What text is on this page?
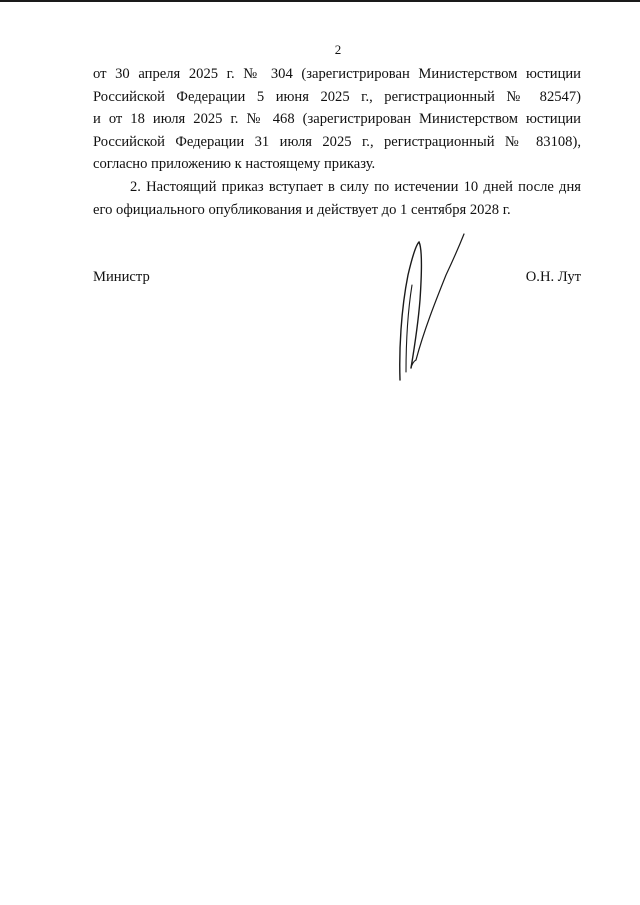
2
от 30 апреля 2025 г. № 304 (зарегистрирован Министерством юстиции
Российской Федерации 5 июня 2025 г., регистрационный № 82547)
и от 18 июля 2025 г. № 468 (зарегистрирован Министерством юстиции
Российской Федерации 31 июля 2025 г., регистрационный № 83108),
согласно приложению к настоящему приказу.
2. Настоящий приказ вступает в силу по истечении 10 дней после дня
его официального опубликования и действует до 1 сентября 2028 г.
Министр	О.Н. Лут
